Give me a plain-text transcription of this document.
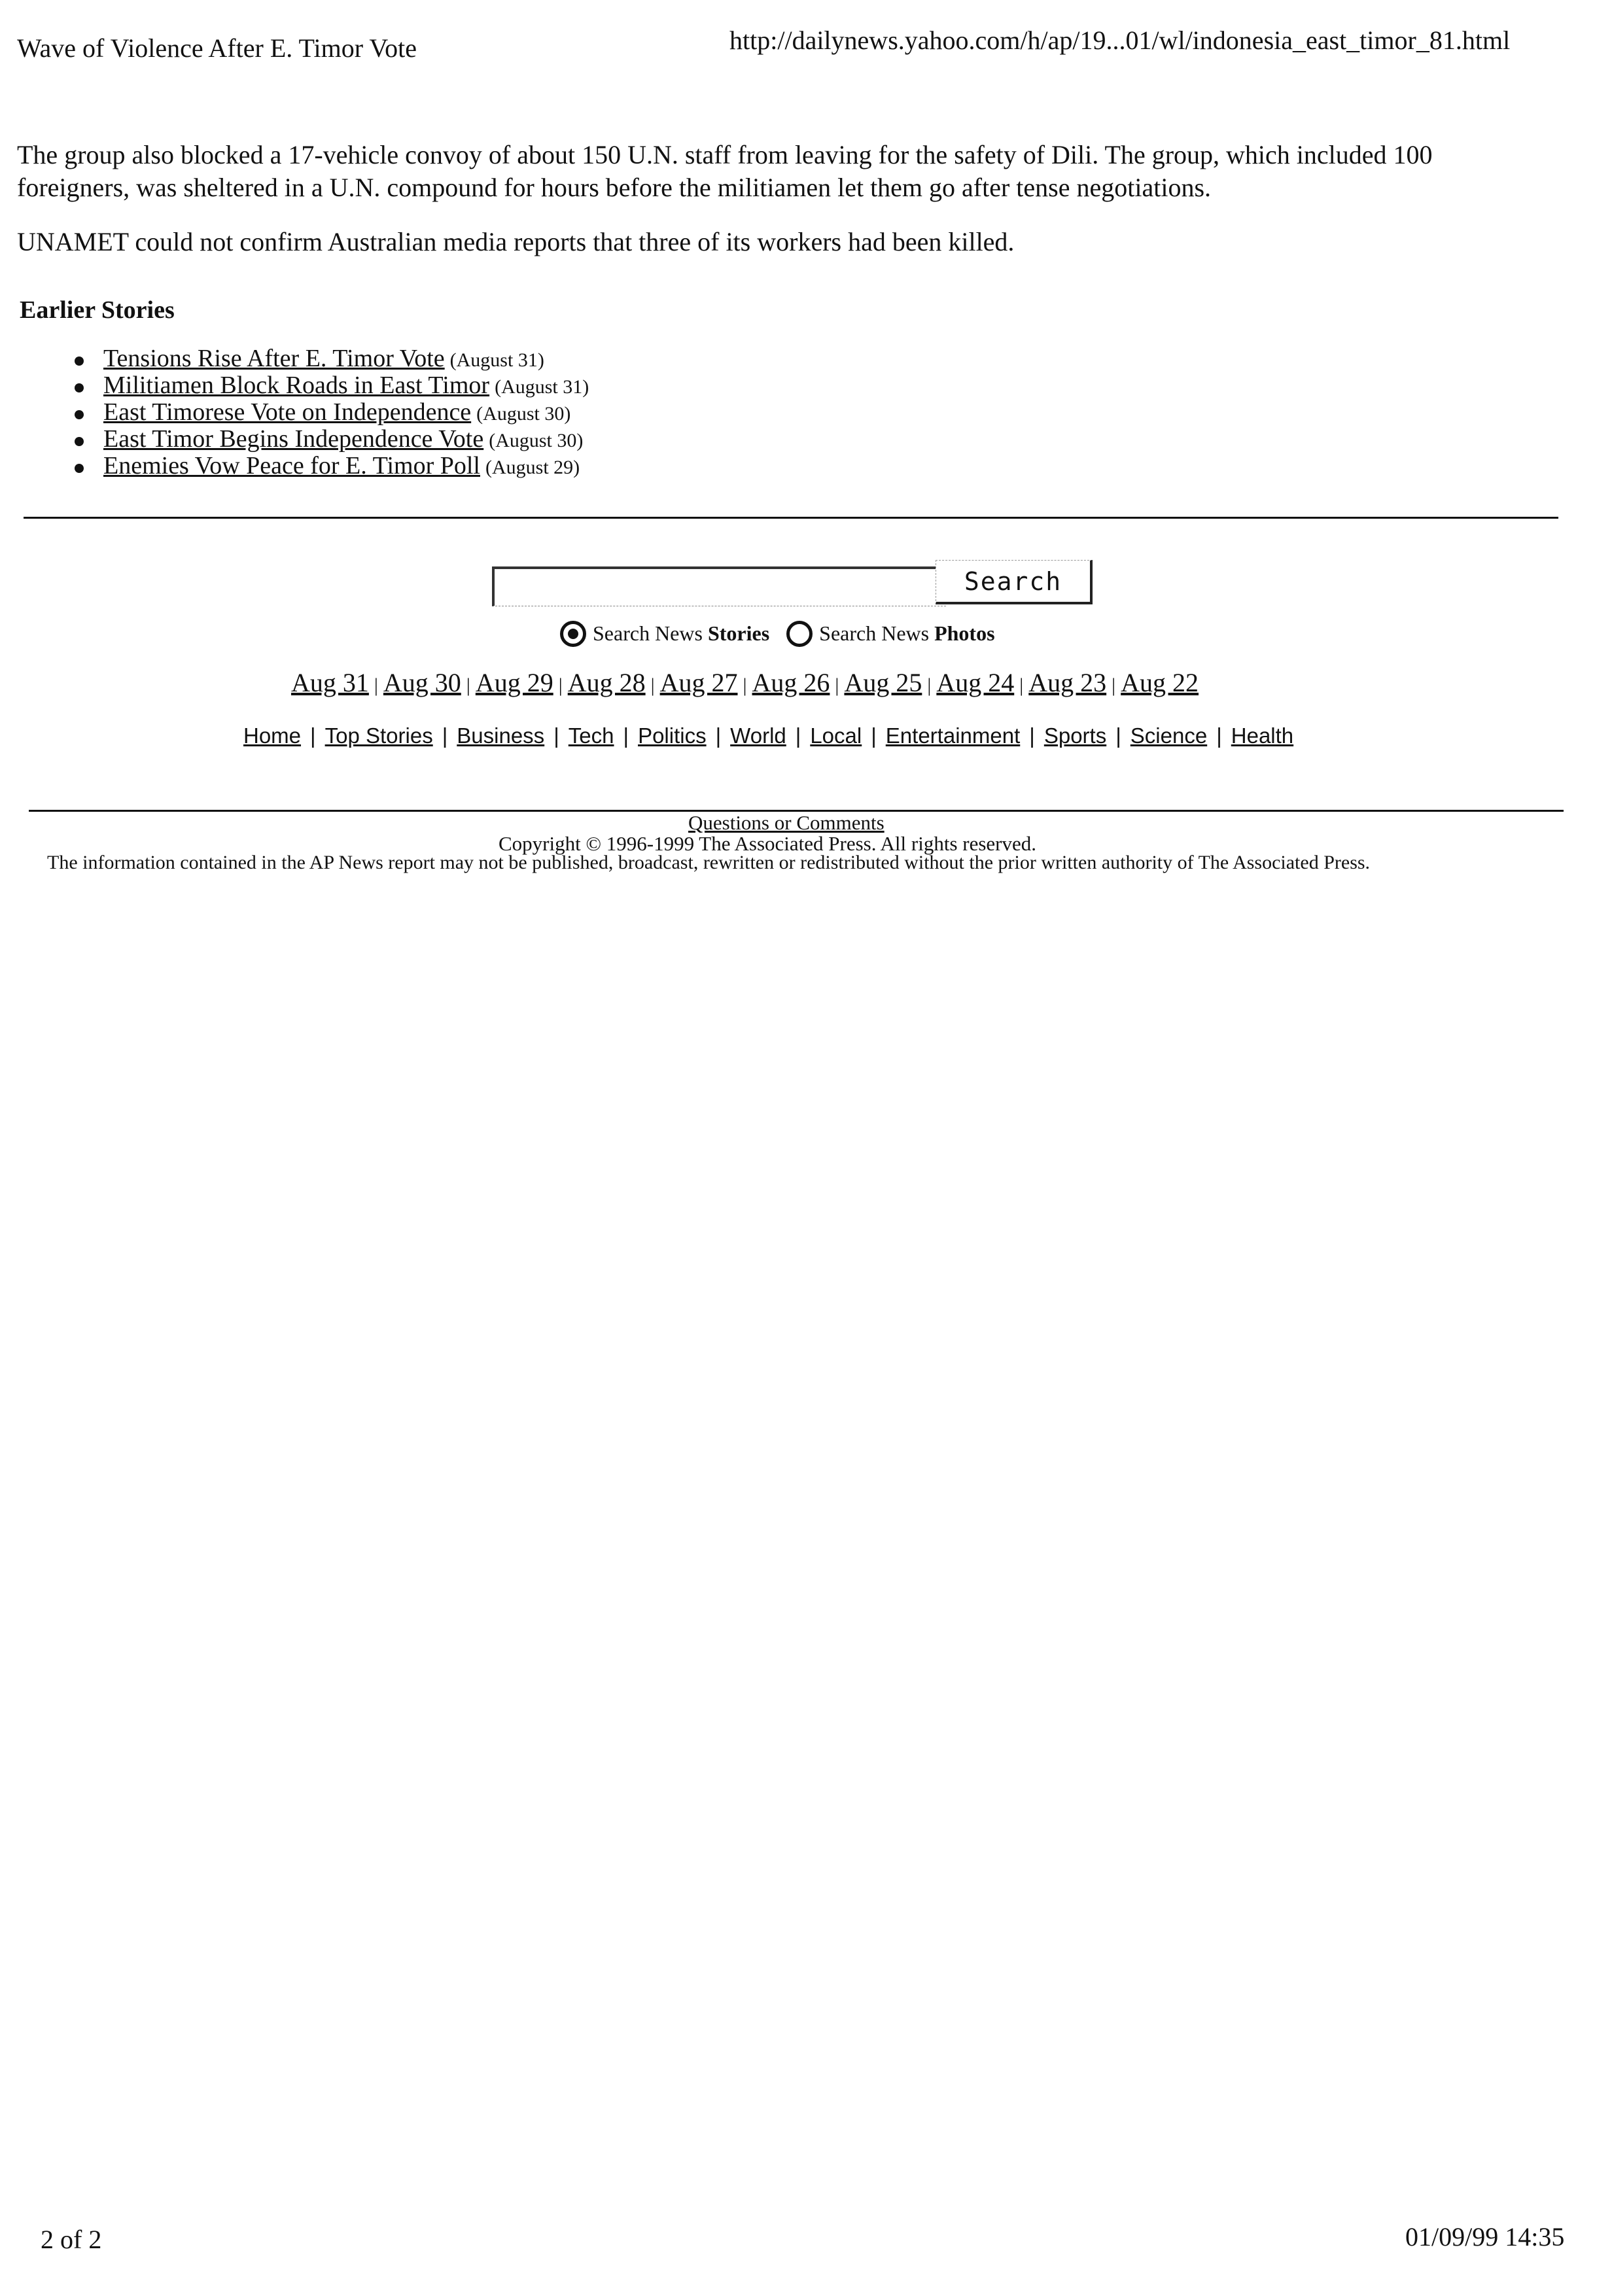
Wave of Violence After E. Timor Vote	http://dailynews.yahoo.com/h/ap/19...01/wl/indonesia_east_timor_81.html
The group also blocked a 17-vehicle convoy of about 150 U.N. staff from leaving for the safety of Dili. The group, which included 100 foreigners, was sheltered in a U.N. compound for hours before the militiamen let them go after tense negotiations.
UNAMET could not confirm Australian media reports that three of its workers had been killed.
Earlier Stories
Tensions Rise After E. Timor Vote (August 31)
Militiamen Block Roads in East Timor (August 31)
East Timorese Vote on Independence (August 30)
East Timor Begins Independence Vote (August 30)
Enemies Vow Peace for E. Timor Poll (August 29)
Search
Search News Stories Search News Photos
Aug 31 | Aug 30 | Aug 29 | Aug 28 | Aug 27 | Aug 26 | Aug 25 | Aug 24 | Aug 23 | Aug 22
Home | Top Stories | Business | Tech | Politics | World | Local | Entertainment | Sports | Science | Health
Questions or Comments
Copyright © 1996-1999 The Associated Press. All rights reserved.
The information contained in the AP News report may not be published, broadcast, rewritten or redistributed without the prior written authority of The Associated Press.
2 of 2	01/09/99 14:35
